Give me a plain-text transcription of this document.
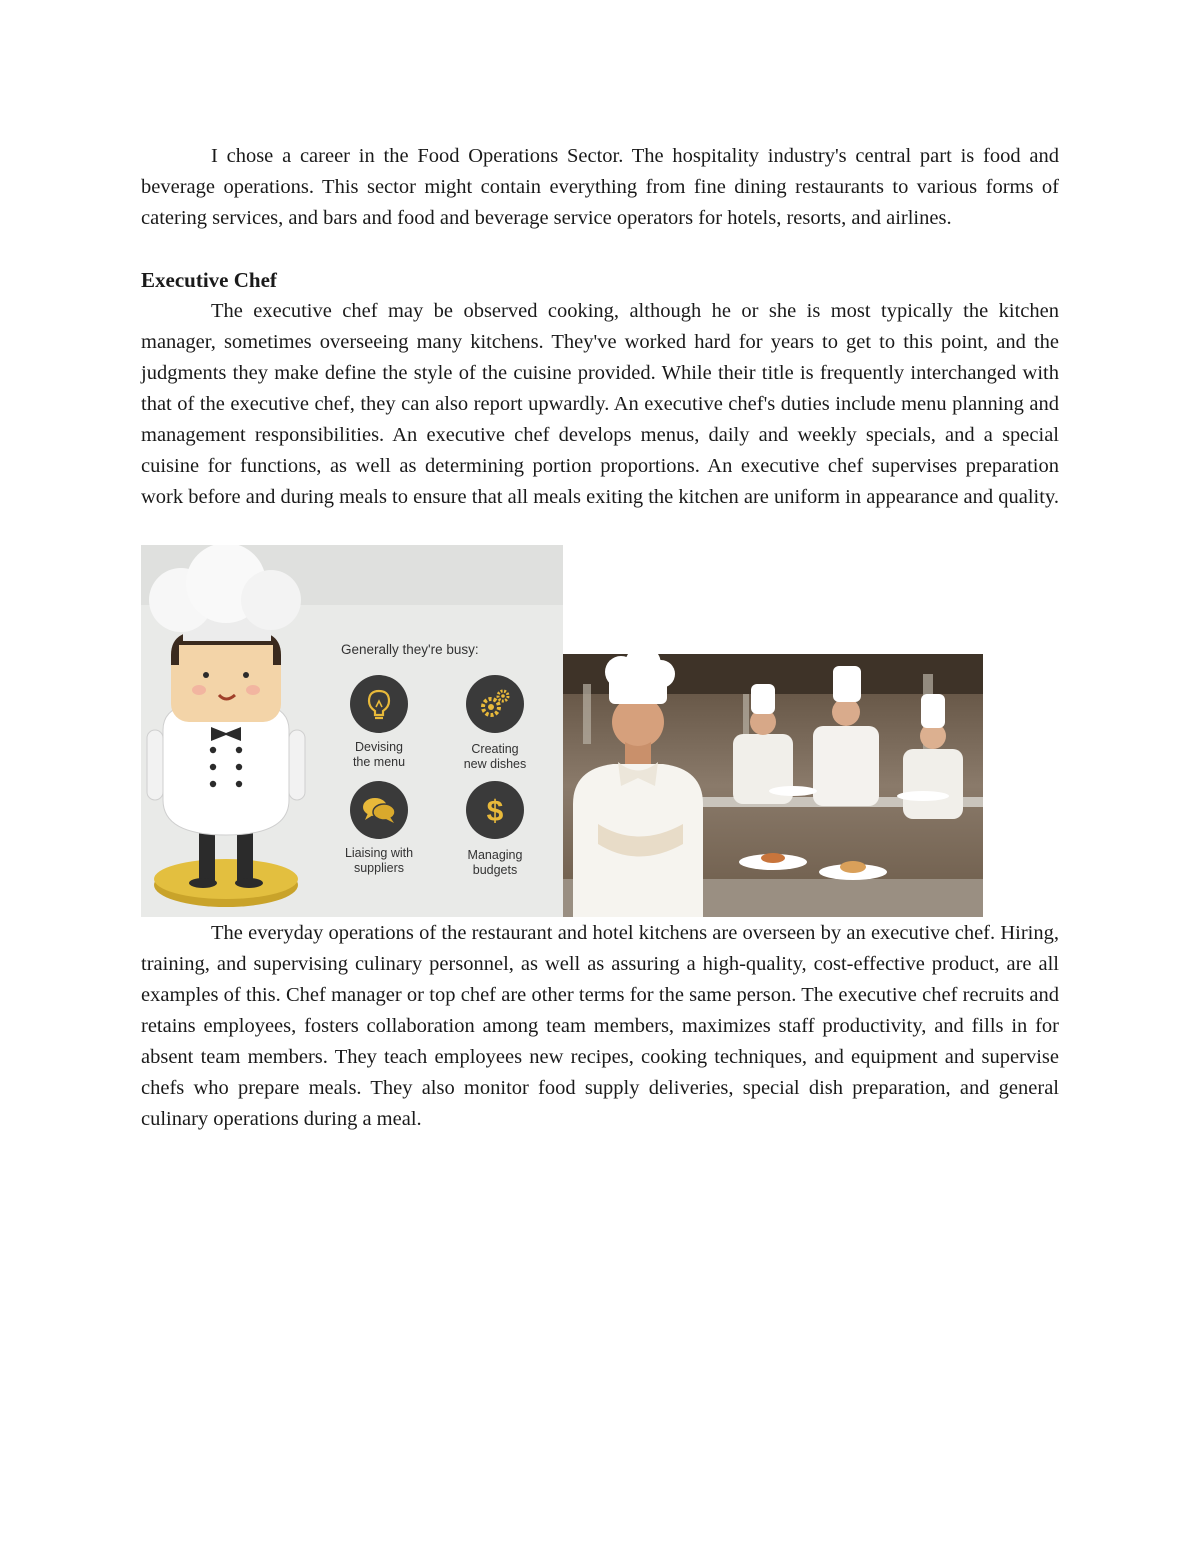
I chose a career in the Food Operations Sector. The hospitality industry's central part is food and beverage operations. This sector might contain everything from fine dining restaurants to various forms of catering services, and bars and food and beverage service operators for hotels, resorts, and airlines.

Executive Chef

The executive chef may be observed cooking, although he or she is most typically the kitchen manager, sometimes overseeing many kitchens. They've worked hard for years to get to this point, and the judgments they make define the style of the cuisine provided. While their title is frequently interchanged with that of the executive chef, they can also report upwardly. An executive chef's duties include menu planning and management responsibilities. An executive chef develops menus, daily and weekly specials, and a special cuisine for functions, as well as determining portion proportions. An executive chef supervises preparation work before and during meals to ensure that all meals exiting the kitchen are uniform in appearance and quality.

Generally they're busy:
Devising
the menu
Creating
new dishes
Liaising with
suppliers
$
Managing
budgets

The everyday operations of the restaurant and hotel kitchens are overseen by an executive chef. Hiring, training, and supervising culinary personnel, as well as assuring a high-quality, cost-effective product, are all examples of this. Chef manager or top chef are other terms for the same person. The executive chef recruits and retains employees, fosters collaboration among team members, maximizes staff productivity, and fills in for absent team members. They teach employees new recipes, cooking techniques, and equipment and supervise chefs who prepare meals. They also monitor food supply deliveries, special dish preparation, and general culinary operations during a meal.
